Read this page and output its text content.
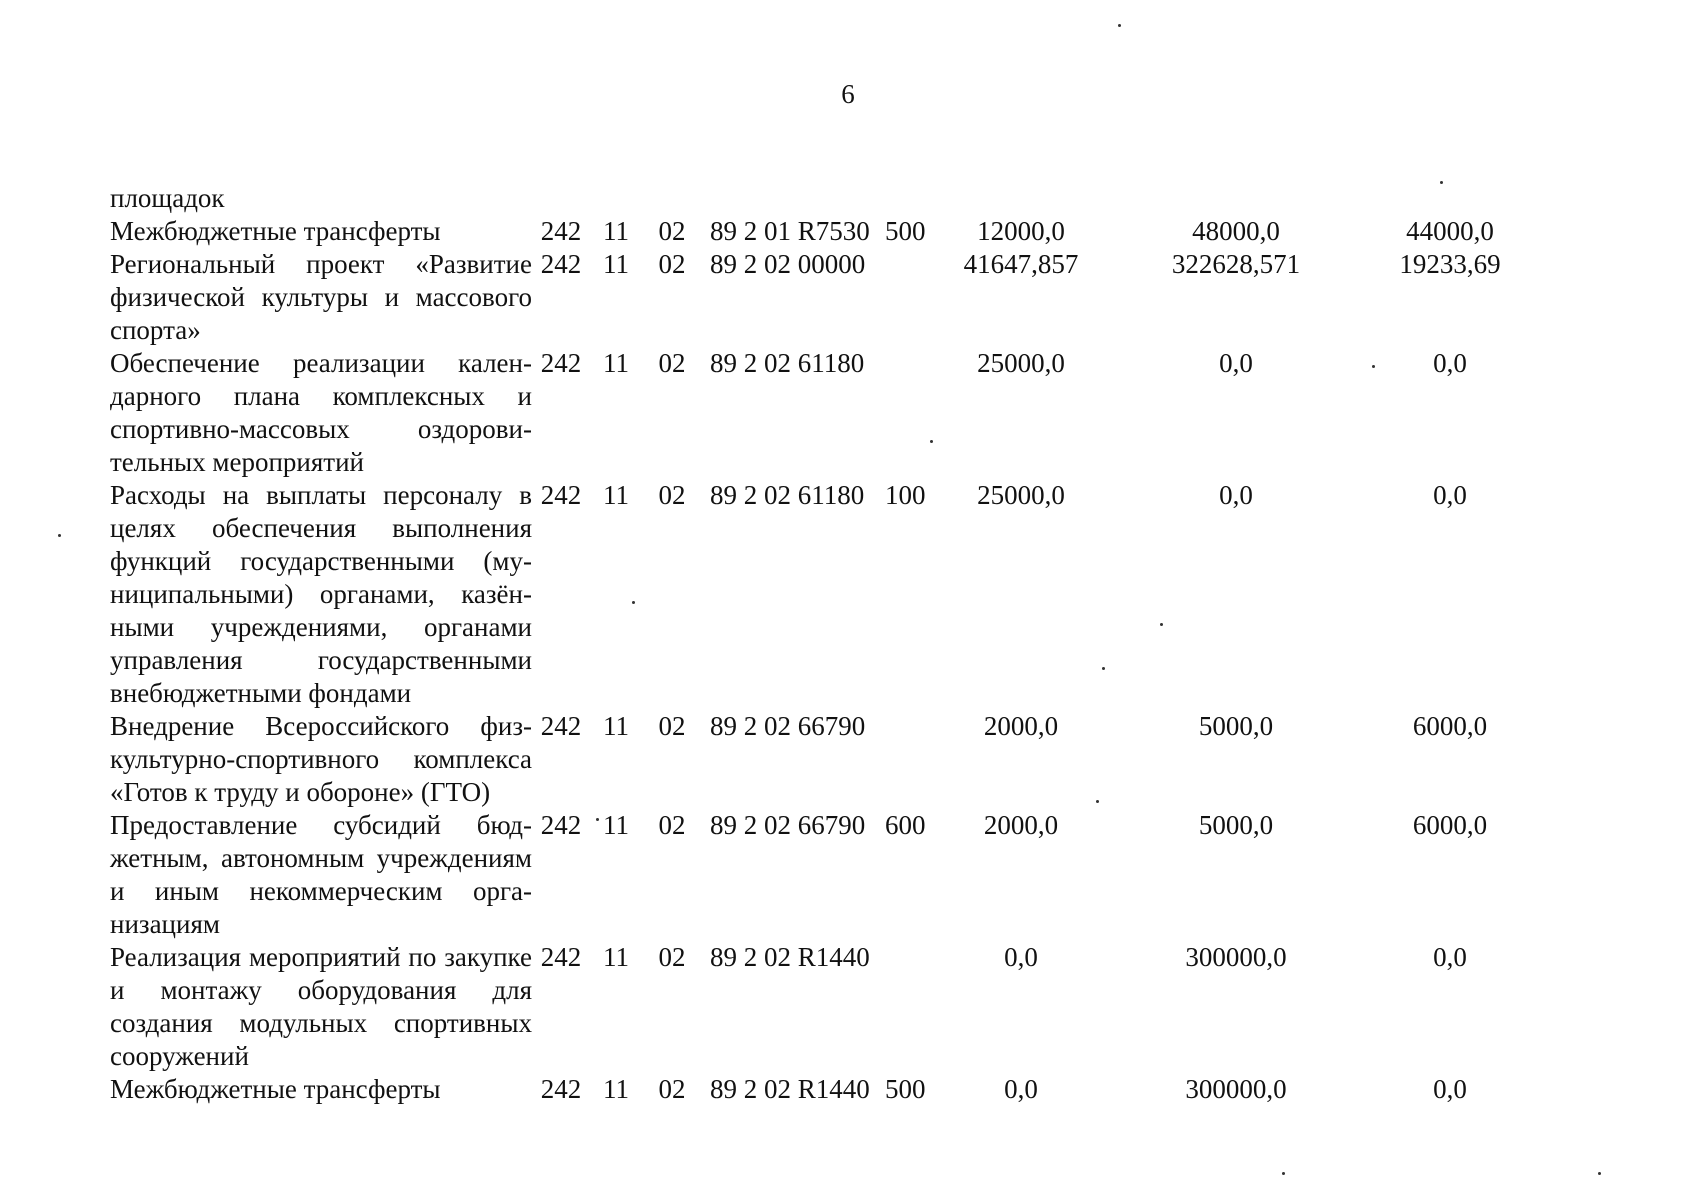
6
площадок								
Межбюджетные трансферты	242	11	02	89 2 01 R7530	500	12000,0	48000,0	44000,0
Региональный проект «Развитие физической культуры и массового спорта»	242	11	02	89 2 02 00000		41647,857	322628,571	19233,69
Обеспечение реализации календарного плана комплексных и спортивно-массовых оздоровительных мероприятий	242	11	02	89 2 02 61180		25000,0	0,0	0,0
Расходы на выплаты персоналу в целях обеспечения выполнения функций государственными (муниципальными) органами, казёнными учреждениями, органами управления государственными внебюджетными фондами	242	11	02	89 2 02 61180	100	25000,0	0,0	0,0
Внедрение Всероссийского физкультурно-спортивного комплекса «Готов к труду и обороне» (ГТО)	242	11	02	89 2 02 66790		2000,0	5000,0	6000,0
Предоставление субсидий бюджетным, автономным учреждениям и иным некоммерческим организациям	242	11	02	89 2 02 66790	600	2000,0	5000,0	6000,0
Реализация мероприятий по закупке и монтажу оборудования для создания модульных спортивных сооружений	242	11	02	89 2 02 R1440		0,0	300000,0	0,0
Межбюджетные трансферты	242	11	02	89 2 02 R1440	500	0,0	300000,0	0,0
